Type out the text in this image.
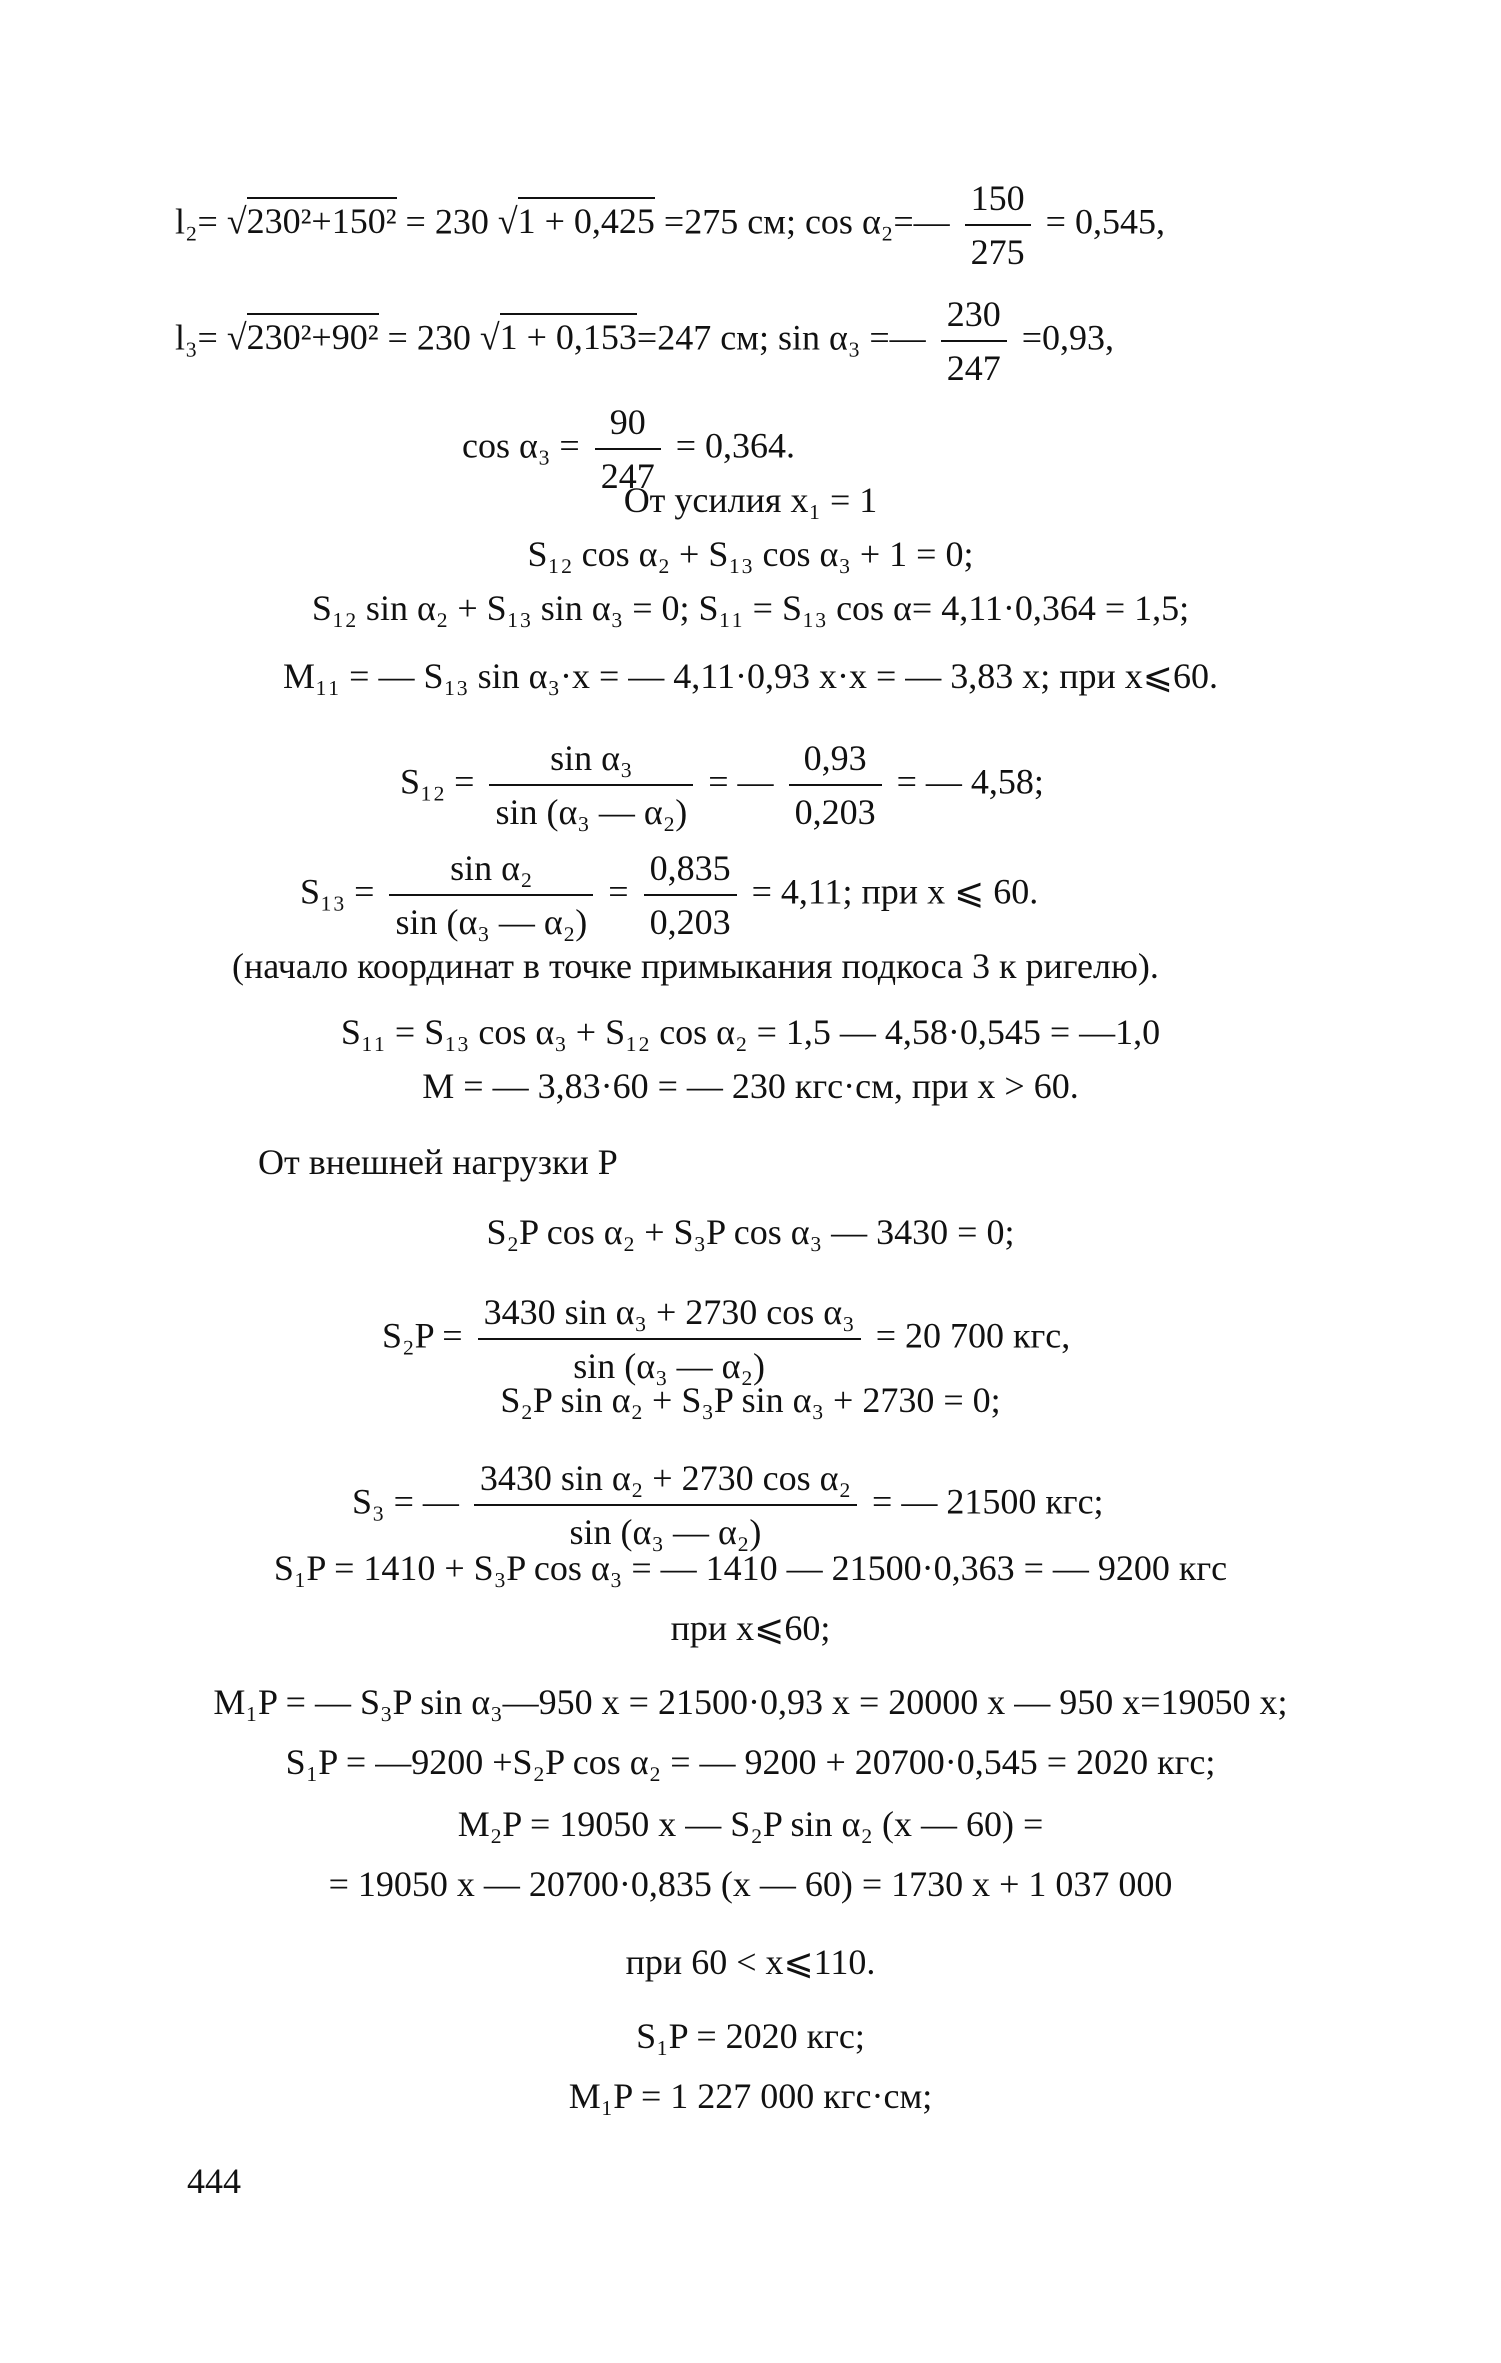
l₂= √230²+150² = 230 √1 + 0,425 =275 см; cos α₂=— $\frac{150}{275} = 0,545$,
l₃= √230²+90² = 230 √1 + 0,153=247 см; sin α₃ =— $\frac{230}{247} =0,93$,
$\cos \alpha_3 = \frac{90}{247} = 0,364$.
От усилия x₁ = 1
S₁₂ cos α₂ + S₁₃ cos α₃ + 1 = 0;
S₁₂ sin α₂ + S₁₃ sin α₃ = 0; S₁₁ = S₁₃ cos α= 4,11·0,364 = 1,5;
M₁₁ = — S₁₃ sin α₃·x = — 4,11·0,93 x·x = — 3,83 x; при x⩽60.
$S_{12} = \frac{\text{sin α₃}}{\text{sin (α₃ — α₂)}}$ = — $\frac{0,93}{0,203}$ = — 4,58;
$S_{13} = \frac{\text{sin α₂}}{\text{sin (α₃ — α₂)}} = \frac{0,835}{0,203} = 4,11$; при x ⩽ 60.
(начало координат в точке примыкания подкоса 3 к ригелю).
S₁₁ = S₁₃ cos α₃ + S₁₂ cos α₂ = 1,5 — 4,58·0,545 = —1,0
M = — 3,83·60 = — 230 кгс·см, при x > 60.
От внешней нагрузки P
S₂P cos α₂ + S₃P cos α₃ — 3430 = 0;
$S_2P = \frac{\text{3430 sin α₃ + 2730 cos α₃}}{\text{sin (α₃ — α₂)}} = 20$ 700 кгс,
S₂P sin α₂ + S₃P sin α₃ + 2730 = 0;
S₃ = — $\frac{\text{3430 sin α₂ + 2730 cos α₂}}{\text{sin (α₃ — α₂)}}$ = — 21500 кгс;
S₁P = 1410 + S₃P cos α₃ = — 1410 — 21500·0,363 = — 9200 кгс
при x⩽60;
M₁P = — S₃P sin α₃—950 x = 21500·0,93 x = 20000 x — 950 x=19050 x;
S₁P = —9200 +S₂P cos α₂ = — 9200 + 20700·0,545 = 2020 кгс;
M₂P = 19050 x — S₂P sin α₂ (x — 60) =
= 19050 x — 20700·0,835 (x — 60) = 1730 x + 1 037 000
при 60 < x⩽110.
S₁P = 2020 кгс;
M₁P = 1 227 000 кгс·см;
444
